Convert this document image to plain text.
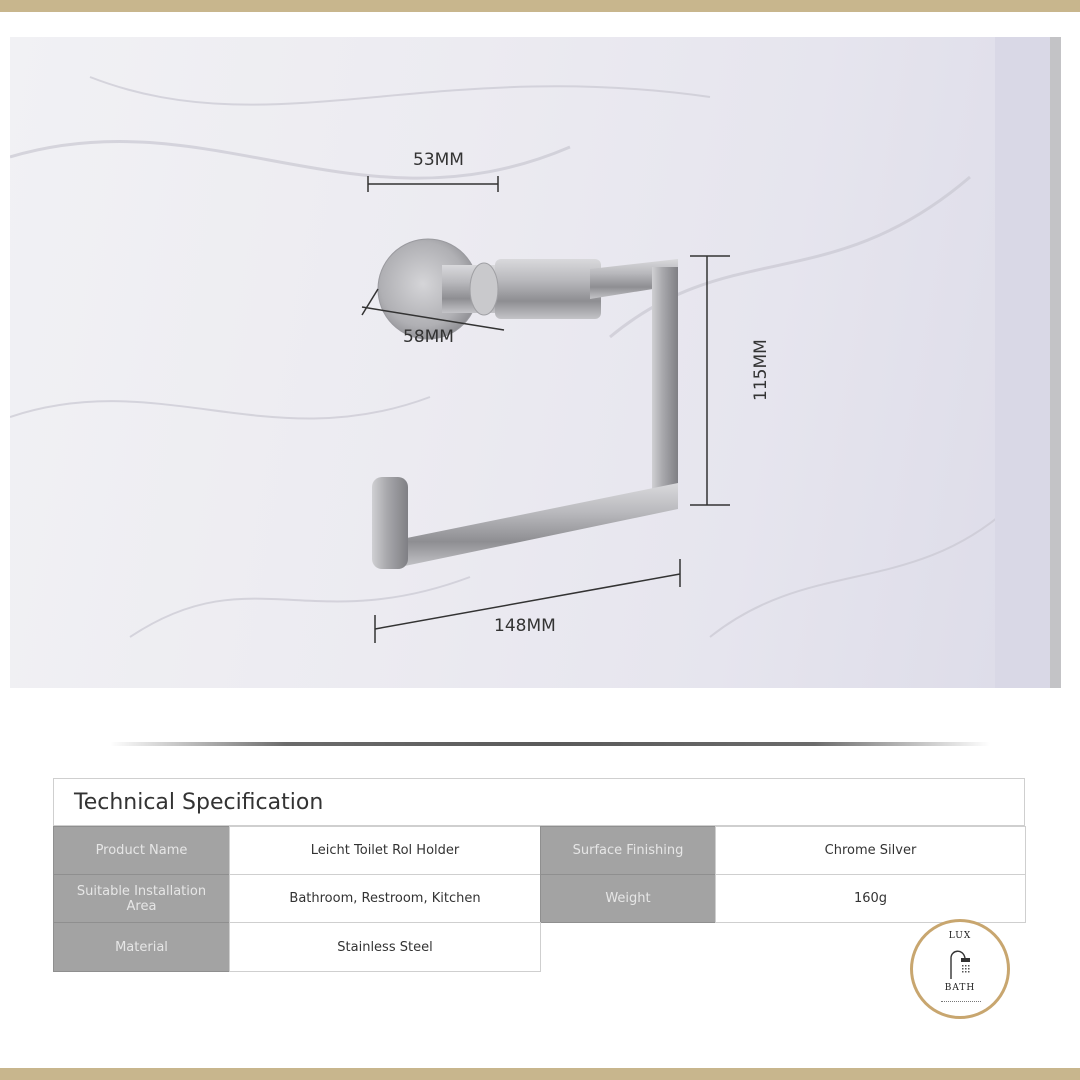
53MM
58MM
115MM
148MM
Technical Specification
Product Name	Leicht Toilet Rol Holder	Surface Finishing	Chrome Silver
Suitable Installation Area	Bathroom, Restroom, Kitchen	Weight	160g
Material	Stainless Steel
LUX
BATH
